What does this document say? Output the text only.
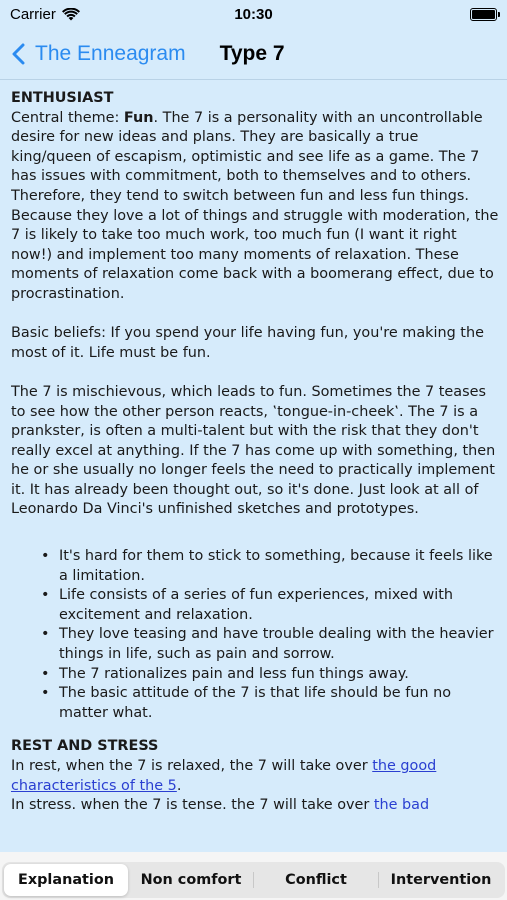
Carrier	10:30
The Enneagram Type 7
ENTHUSIAST

Central theme: Fun. The 7 is a personality with an uncontrollable desire for new ideas and plans. They are basically a true king/queen of escapism, optimistic and see life as a game. The 7 has issues with commitment, both to themselves and to others. Therefore, they tend to switch between fun and less fun things. Because they love a lot of things and struggle with moderation, the 7 is likely to take too much work, too much fun (I want it right now!) and implement too many moments of relaxation. These moments of relaxation come back with a boomerang effect, due to procrastination.

Basic beliefs: If you spend your life having fun, you're making the most of it. Life must be fun.

The 7 is mischievous, which leads to fun. Sometimes the 7 teases to see how the other person reacts, ‛tongue-in-cheek‛. The 7 is a prankster, is often a multi-talent but with the risk that they don't really excel at anything. If the 7 has come up with something, then he or she usually no longer feels the need to practically implement it. It has already been thought out, so it's done. Just look at all of Leonardo Da Vinci's unfinished sketches and prototypes.

• It's hard for them to stick to something, because it feels like a limitation.
• Life consists of a series of fun experiences, mixed with excitement and relaxation.
• They love teasing and have trouble dealing with the heavier things in life, such as pain and sorrow.
• The 7 rationalizes pain and less fun things away.
• The basic attitude of the 7 is that life should be fun no matter what.
REST AND STRESS

In rest, when the 7 is relaxed, the 7 will take over the good characteristics of the 5.

In stress. when the 7 is tense. the 7 will take over the bad

Explanation	Non comfort	Conflict	Intervention
